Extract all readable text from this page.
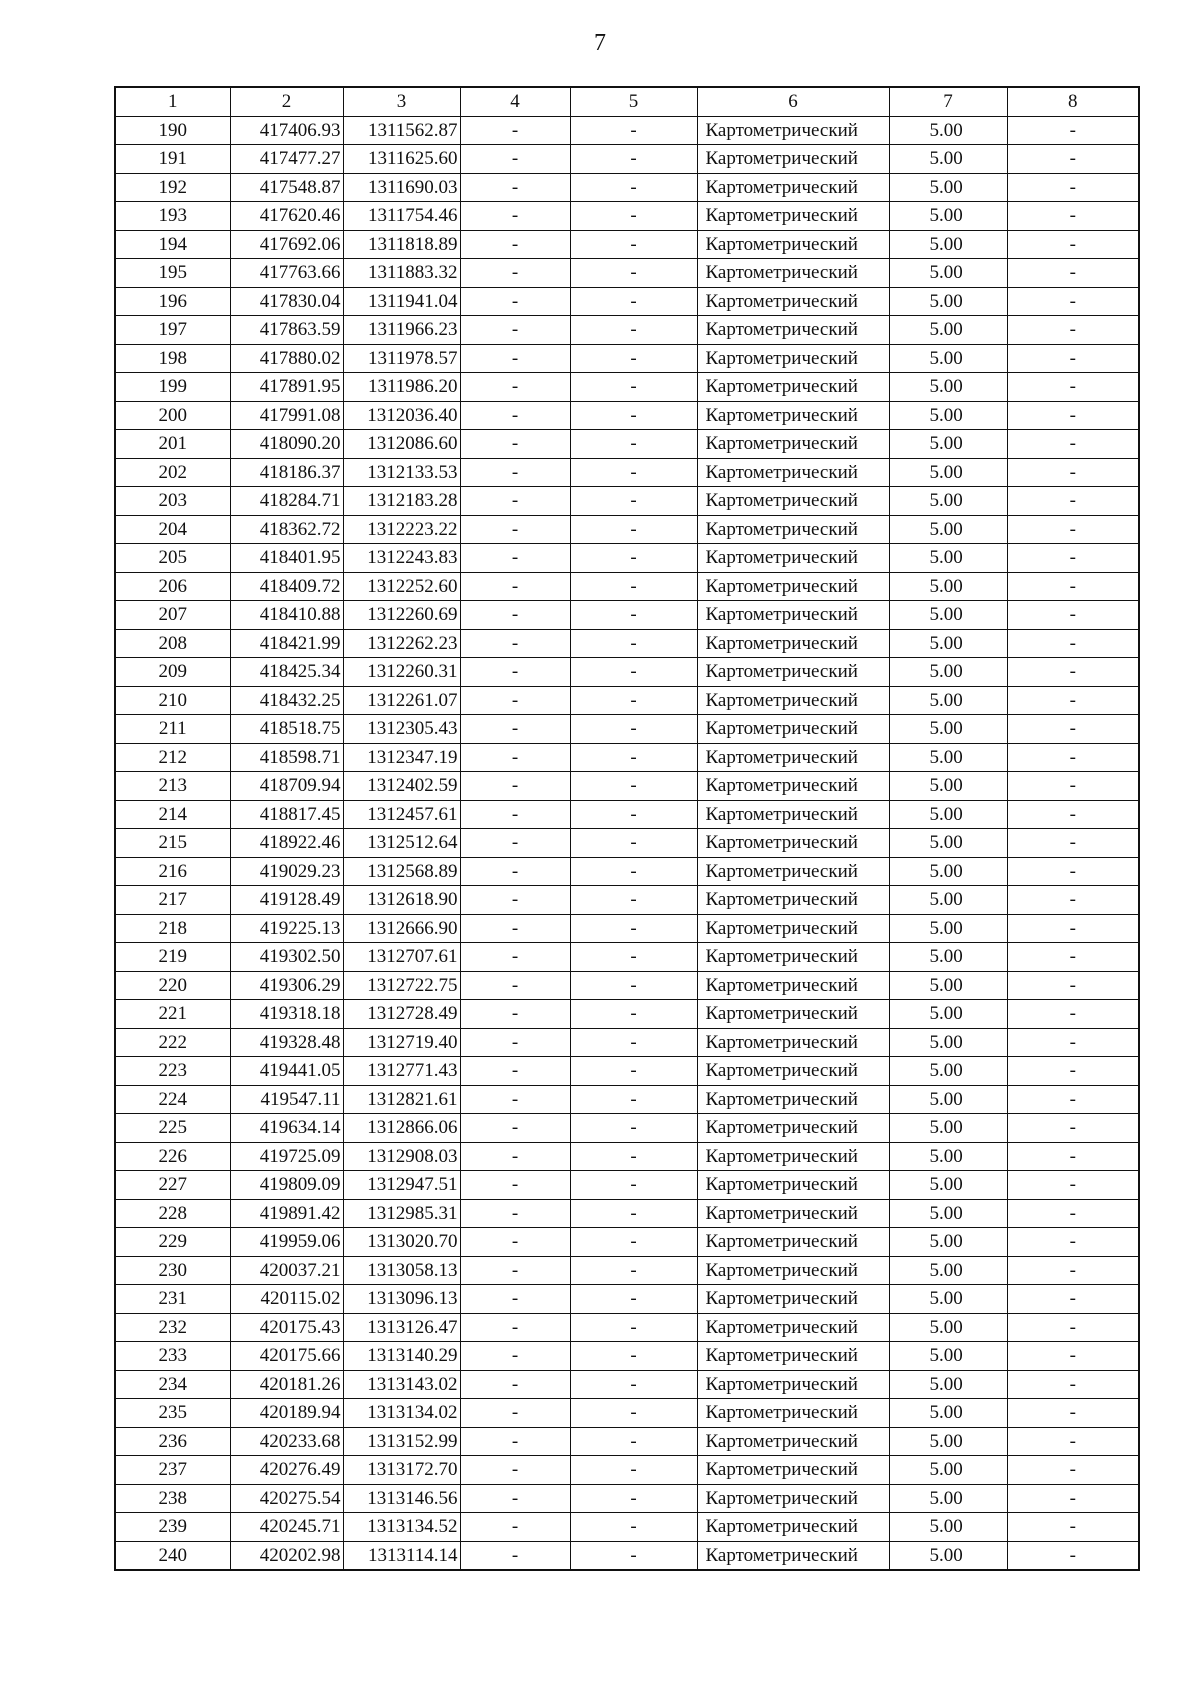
7
1	2	3	4	5	6	7	8
190	417406.93	1311562.87	-	-	Картометрический	5.00	-
191	417477.27	1311625.60	-	-	Картометрический	5.00	-
192	417548.87	1311690.03	-	-	Картометрический	5.00	-
193	417620.46	1311754.46	-	-	Картометрический	5.00	-
194	417692.06	1311818.89	-	-	Картометрический	5.00	-
195	417763.66	1311883.32	-	-	Картометрический	5.00	-
196	417830.04	1311941.04	-	-	Картометрический	5.00	-
197	417863.59	1311966.23	-	-	Картометрический	5.00	-
198	417880.02	1311978.57	-	-	Картометрический	5.00	-
199	417891.95	1311986.20	-	-	Картометрический	5.00	-
200	417991.08	1312036.40	-	-	Картометрический	5.00	-
201	418090.20	1312086.60	-	-	Картометрический	5.00	-
202	418186.37	1312133.53	-	-	Картометрический	5.00	-
203	418284.71	1312183.28	-	-	Картометрический	5.00	-
204	418362.72	1312223.22	-	-	Картометрический	5.00	-
205	418401.95	1312243.83	-	-	Картометрический	5.00	-
206	418409.72	1312252.60	-	-	Картометрический	5.00	-
207	418410.88	1312260.69	-	-	Картометрический	5.00	-
208	418421.99	1312262.23	-	-	Картометрический	5.00	-
209	418425.34	1312260.31	-	-	Картометрический	5.00	-
210	418432.25	1312261.07	-	-	Картометрический	5.00	-
211	418518.75	1312305.43	-	-	Картометрический	5.00	-
212	418598.71	1312347.19	-	-	Картометрический	5.00	-
213	418709.94	1312402.59	-	-	Картометрический	5.00	-
214	418817.45	1312457.61	-	-	Картометрический	5.00	-
215	418922.46	1312512.64	-	-	Картометрический	5.00	-
216	419029.23	1312568.89	-	-	Картометрический	5.00	-
217	419128.49	1312618.90	-	-	Картометрический	5.00	-
218	419225.13	1312666.90	-	-	Картометрический	5.00	-
219	419302.50	1312707.61	-	-	Картометрический	5.00	-
220	419306.29	1312722.75	-	-	Картометрический	5.00	-
221	419318.18	1312728.49	-	-	Картометрический	5.00	-
222	419328.48	1312719.40	-	-	Картометрический	5.00	-
223	419441.05	1312771.43	-	-	Картометрический	5.00	-
224	419547.11	1312821.61	-	-	Картометрический	5.00	-
225	419634.14	1312866.06	-	-	Картометрический	5.00	-
226	419725.09	1312908.03	-	-	Картометрический	5.00	-
227	419809.09	1312947.51	-	-	Картометрический	5.00	-
228	419891.42	1312985.31	-	-	Картометрический	5.00	-
229	419959.06	1313020.70	-	-	Картометрический	5.00	-
230	420037.21	1313058.13	-	-	Картометрический	5.00	-
231	420115.02	1313096.13	-	-	Картометрический	5.00	-
232	420175.43	1313126.47	-	-	Картометрический	5.00	-
233	420175.66	1313140.29	-	-	Картометрический	5.00	-
234	420181.26	1313143.02	-	-	Картометрический	5.00	-
235	420189.94	1313134.02	-	-	Картометрический	5.00	-
236	420233.68	1313152.99	-	-	Картометрический	5.00	-
237	420276.49	1313172.70	-	-	Картометрический	5.00	-
238	420275.54	1313146.56	-	-	Картометрический	5.00	-
239	420245.71	1313134.52	-	-	Картометрический	5.00	-
240	420202.98	1313114.14	-	-	Картометрический	5.00	-
